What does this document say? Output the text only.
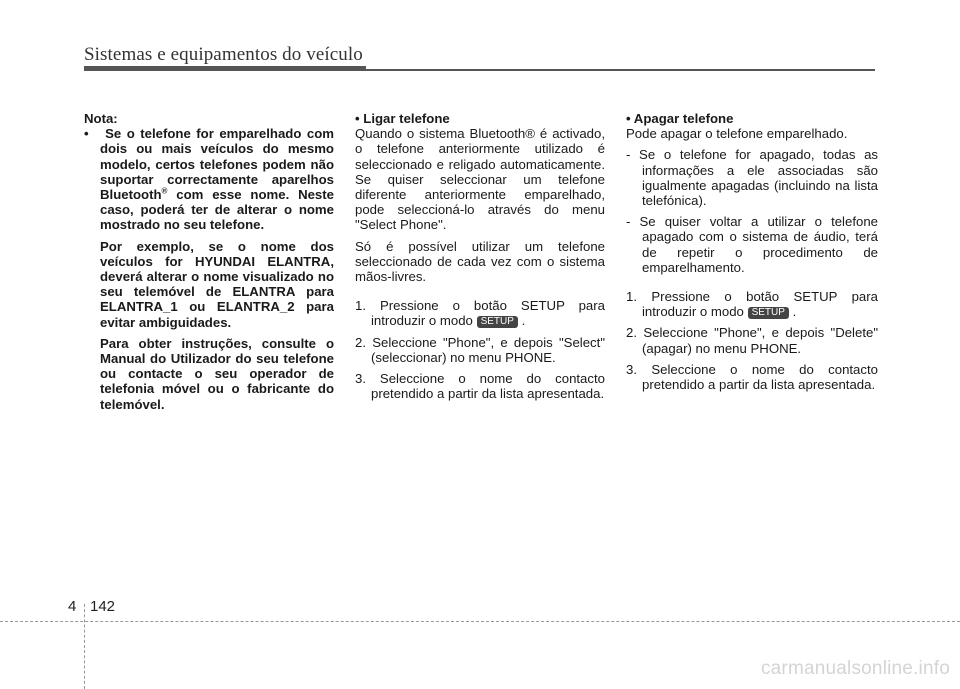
Sistemas e equipamentos do veículo
Nota:
• Se o telefone for emparelhado com dois ou mais veículos do mesmo modelo, certos telefones podem não suportar correctamente aparelhos Bluetooth® com esse nome. Neste caso, poderá ter de alterar o nome mostrado no seu telefone.
Por exemplo, se o nome dos veículos for HYUNDAI ELANTRA, deverá alterar o nome visualizado no seu telemóvel de ELANTRA para ELANTRA_1 ou ELANTRA_2 para evitar ambiguidades.
Para obter instruções, consulte o Manual do Utilizador do seu telefone ou contacte o seu operador de telefonia móvel ou o fabricante do telemóvel.
• Ligar telefone
Quando o sistema Bluetooth® é activado, o telefone anteriormente utilizado é seleccionado e religado automaticamente. Se quiser seleccionar um telefone diferente anteriormente emparelhado, pode seleccioná-lo através do menu "Select Phone".
Só é possível utilizar um telefone seleccionado de cada vez com o sistema mãos-livres.
1. Pressione o botão SETUP para introduzir o modo SETUP .
2. Seleccione "Phone", e depois "Select" (seleccionar) no menu PHONE.
3. Seleccione o nome do contacto pretendido a partir da lista apresentada.
• Apagar telefone
Pode apagar o telefone emparelhado.
- Se o telefone for apagado, todas as informações a ele associadas são igualmente apagadas (incluindo na lista telefónica).
- Se quiser voltar a utilizar o telefone apagado com o sistema de áudio, terá de repetir o procedimento de emparelhamento.
1. Pressione o botão SETUP para introduzir o modo SETUP .
2. Seleccione "Phone", e depois "Delete" (apagar) no menu PHONE.
3. Seleccione o nome do contacto pretendido a partir da lista apresentada.
4 142
carmanualsonline.info
